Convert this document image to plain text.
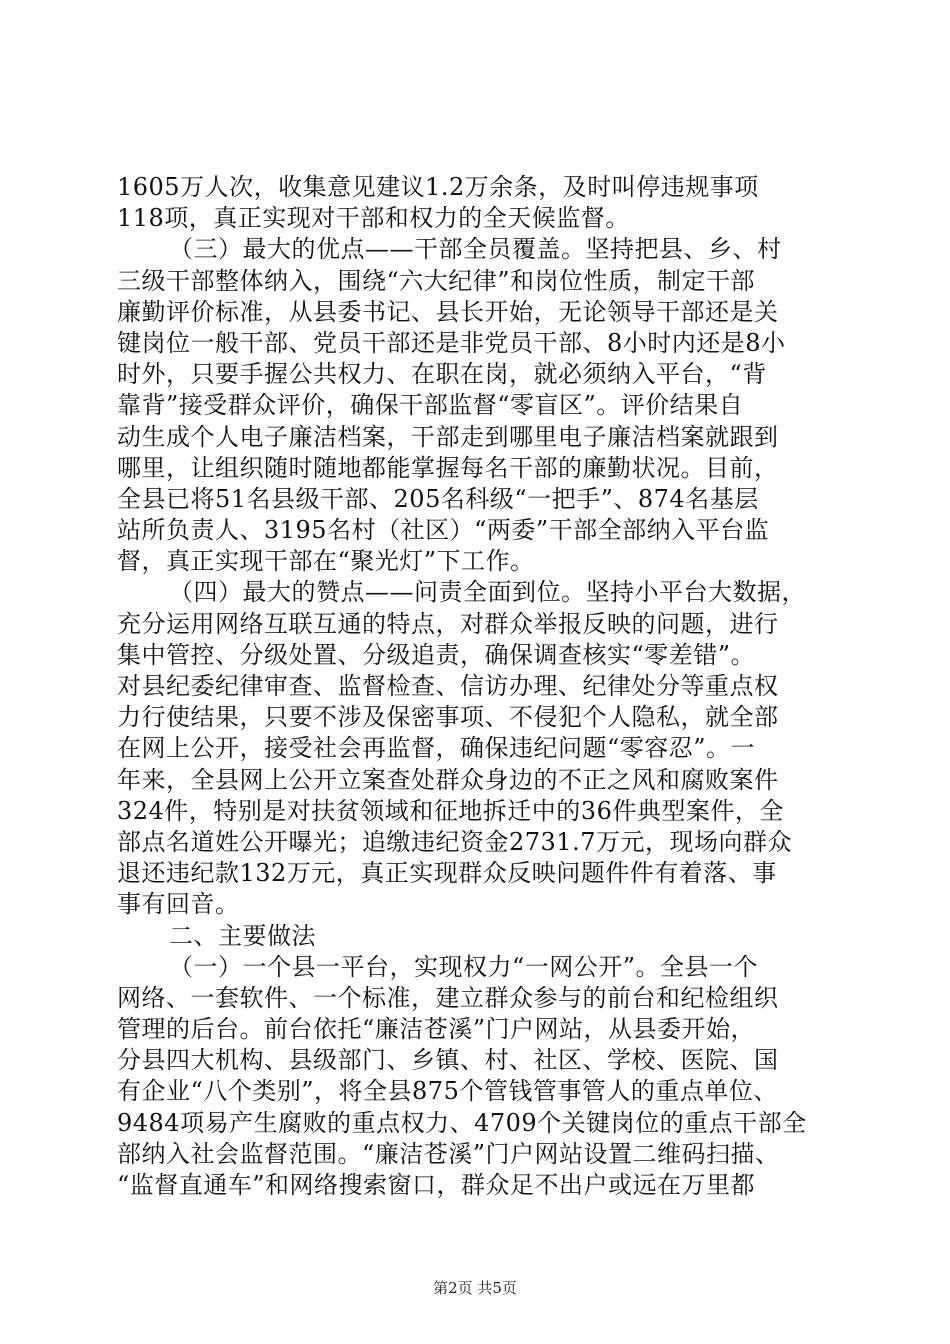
1605万人次，收集意见建议1.2万余条，及时叫停违规事项
118项，真正实现对干部和权力的全天候监督。
（三）最大的优点——干部全员覆盖。坚持把县、乡、村
三级干部整体纳入，围绕“六大纪律”和岗位性质，制定干部
廉勤评价标准，从县委书记、县长开始，无论领导干部还是关
键岗位一般干部、党员干部还是非党员干部、8小时内还是8小
时外，只要手握公共权力、在职在岗，就必须纳入平台，“背
靠背”接受群众评价，确保干部监督“零盲区”。评价结果自
动生成个人电子廉洁档案，干部走到哪里电子廉洁档案就跟到
哪里，让组织随时随地都能掌握每名干部的廉勤状况。目前，
全县已将51名县级干部、205名科级“一把手”、874名基层
站所负责人、3195名村（社区）“两委”干部全部纳入平台监
督，真正实现干部在“聚光灯”下工作。
（四）最大的赞点——问责全面到位。坚持小平台大数据，
充分运用网络互联互通的特点，对群众举报反映的问题，进行
集中管控、分级处置、分级追责，确保调查核实“零差错”。
对县纪委纪律审查、监督检查、信访办理、纪律处分等重点权
力行使结果，只要不涉及保密事项、不侵犯个人隐私，就全部
在网上公开，接受社会再监督，确保违纪问题“零容忍”。一
年来，全县网上公开立案查处群众身边的不正之风和腐败案件
324件，特别是对扶贫领域和征地拆迁中的36件典型案件，全
部点名道姓公开曝光；追缴违纪资金2731.7万元，现场向群众
退还违纪款132万元，真正实现群众反映问题件件有着落、事
事有回音。
二、主要做法
（一）一个县一平台，实现权力“一网公开”。全县一个
网络、一套软件、一个标准，建立群众参与的前台和纪检组织
管理的后台。前台依托“廉洁苍溪”门户网站，从县委开始，
分县四大机构、县级部门、乡镇、村、社区、学校、医院、国
有企业“八个类别”，将全县875个管钱管事管人的重点单位、
9484项易产生腐败的重点权力、4709个关键岗位的重点干部全
部纳入社会监督范围。“廉洁苍溪”门户网站设置二维码扫描、
“监督直通车”和网络搜索窗口，群众足不出户或远在万里都
第2页 共5页
